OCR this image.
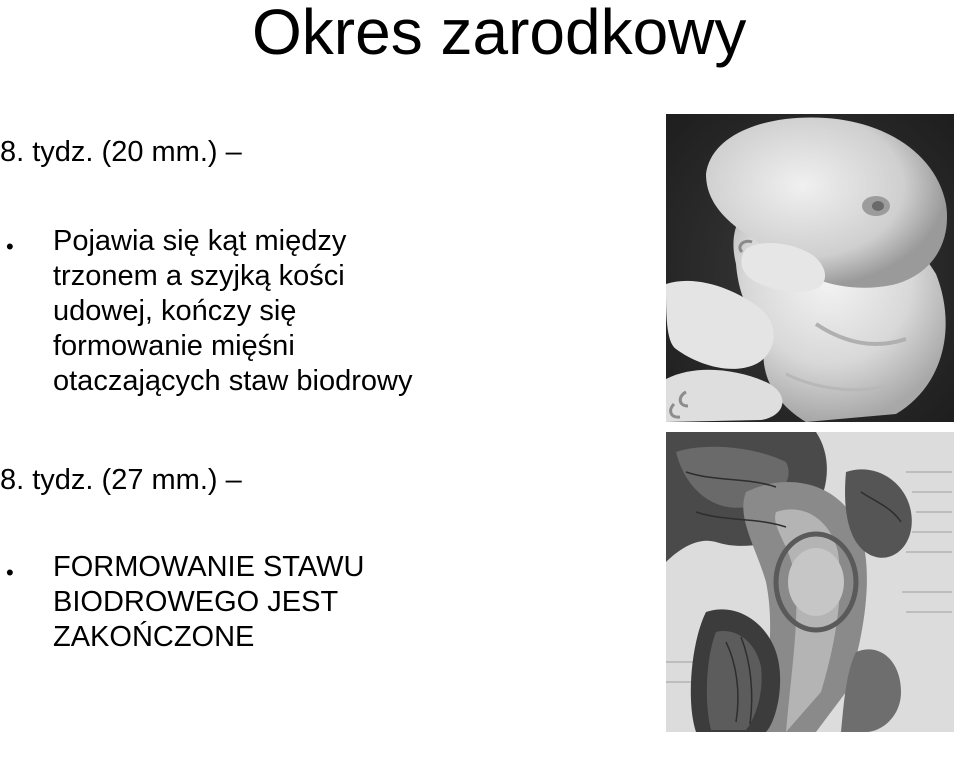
Okres zarodkowy
8. tydz. (20 mm.) –
• Pojawia się kąt między
trzonem a szyjką kości
udowej, kończy się
formowanie mięśni
otaczających staw biodrowy
8. tydz. (27 mm.) –
• FORMOWANIE STAWU
BIODROWEGO JEST
ZAKOŃCZONE
